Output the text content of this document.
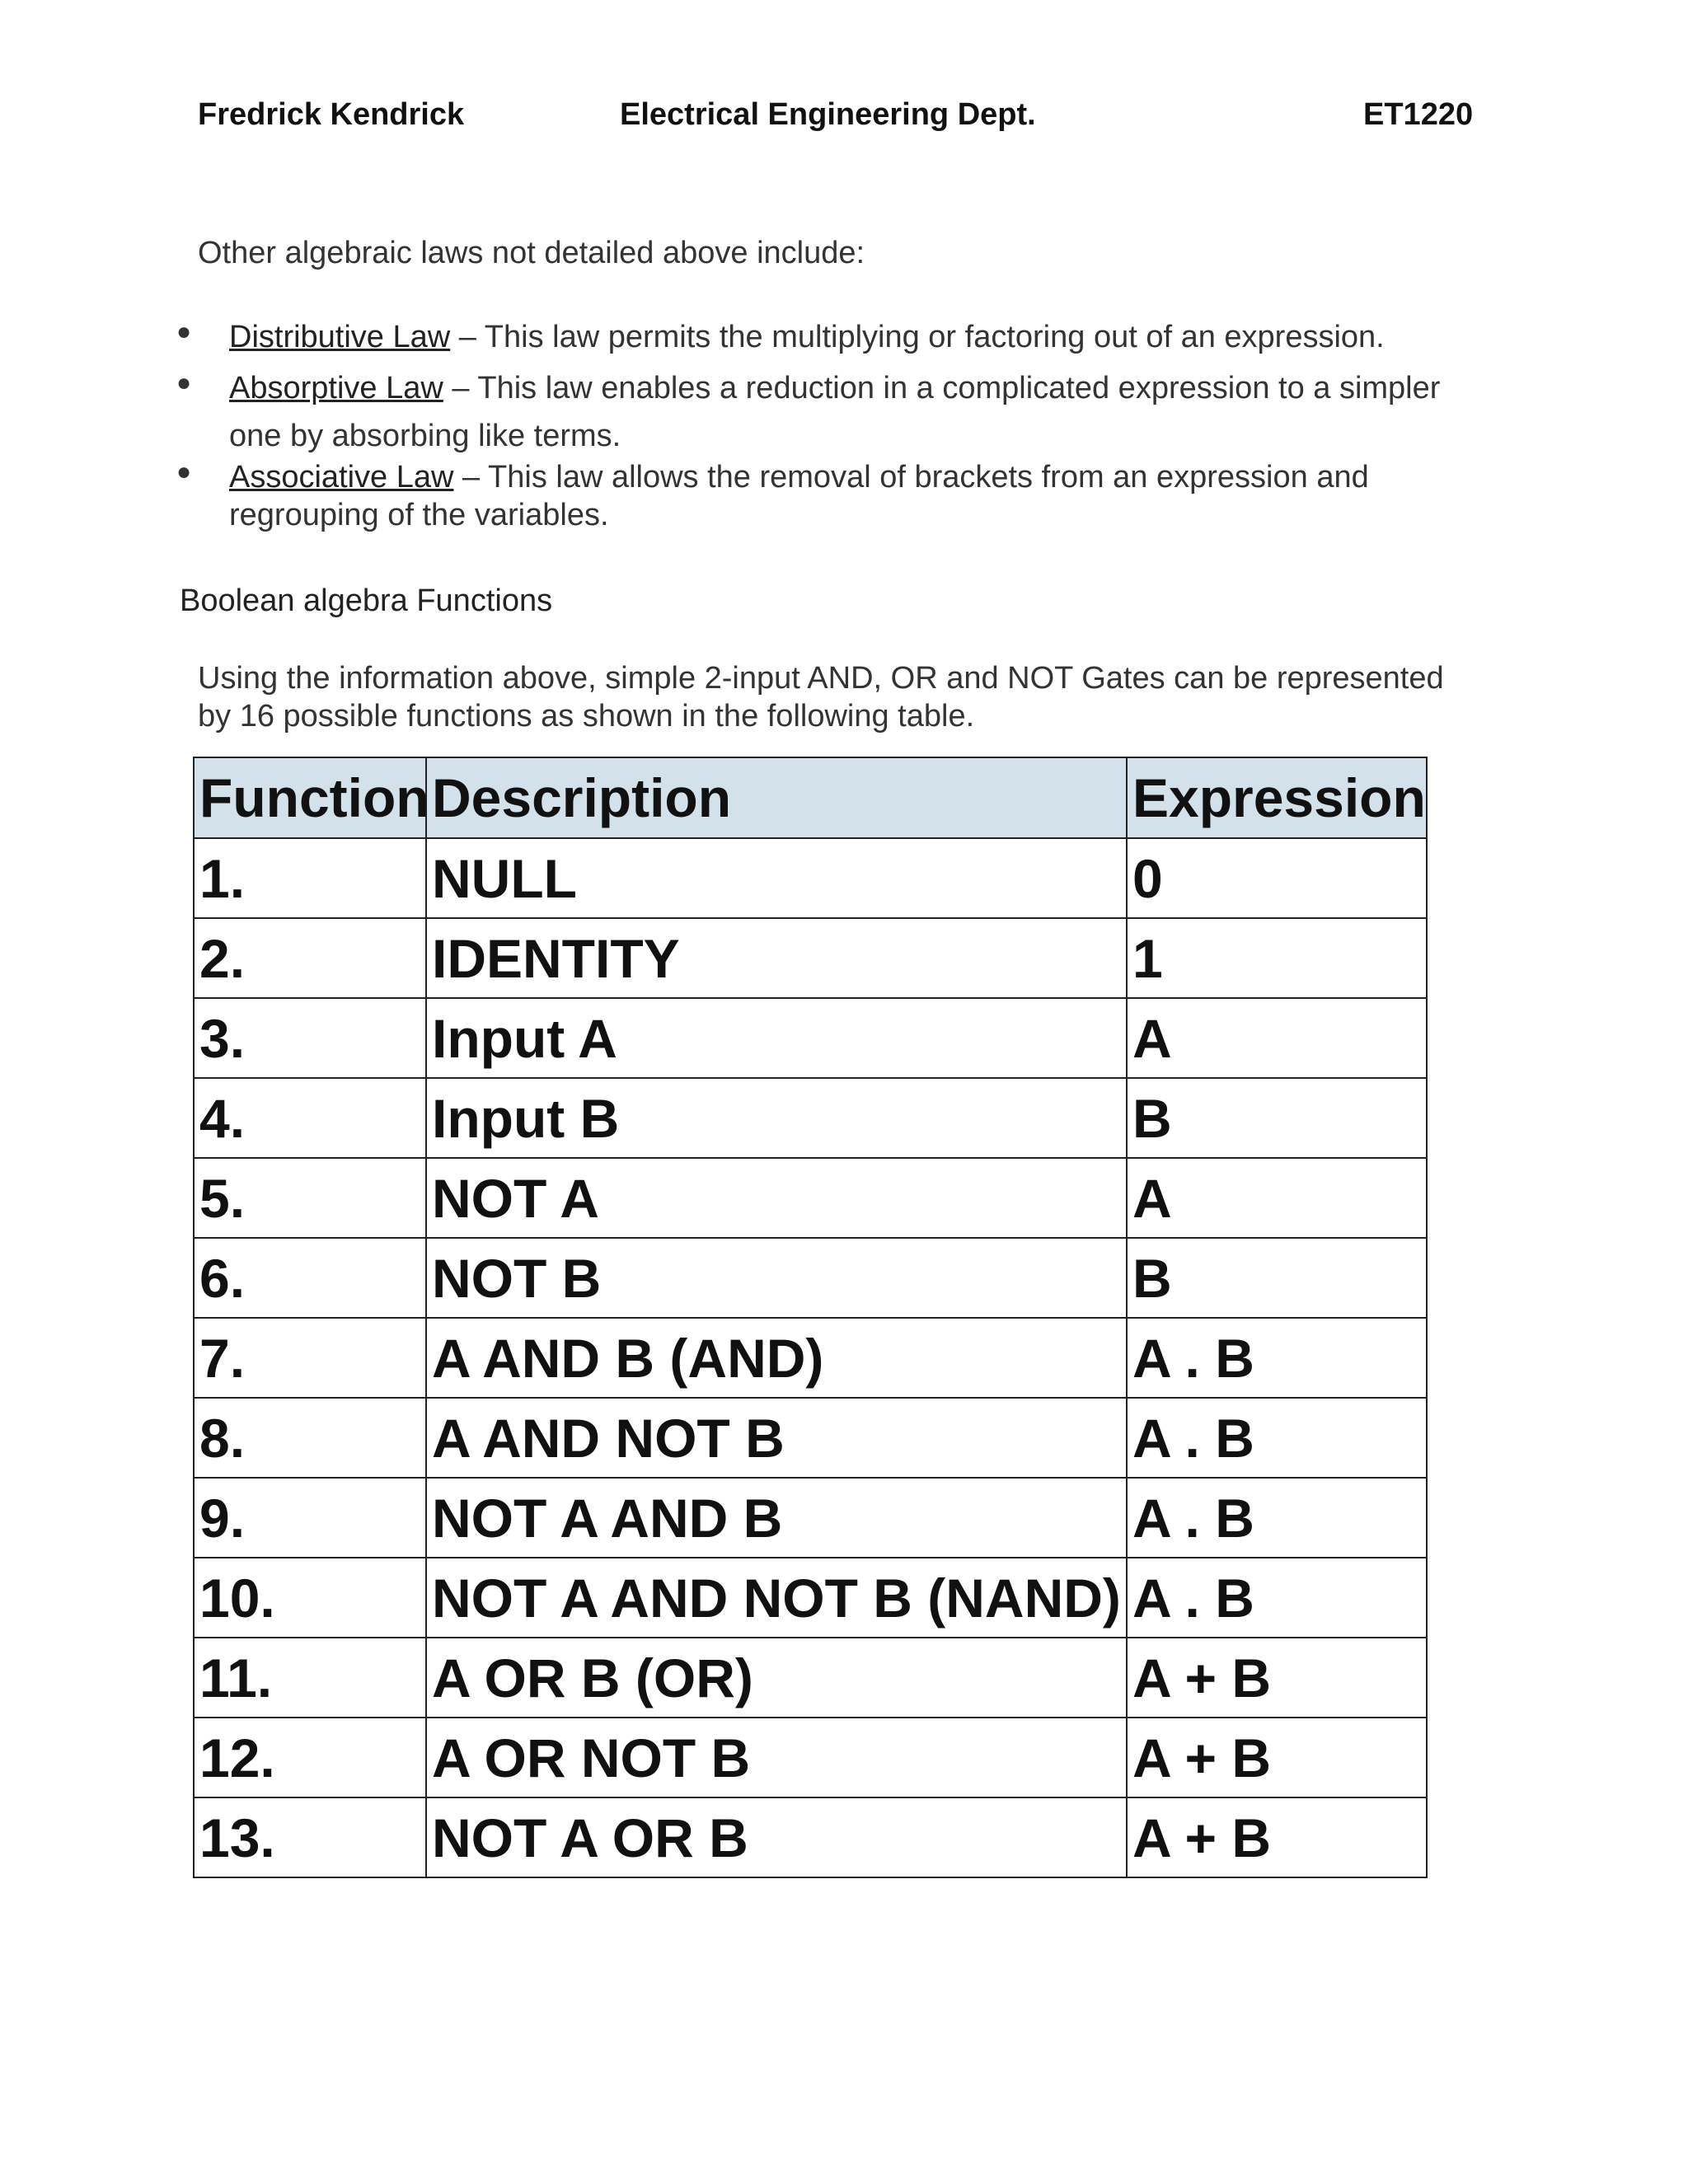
Fredrick Kendrick	Electrical Engineering Dept.	ET1220
Other algebraic laws not detailed above include:
● Distributive Law – This law permits the multiplying or factoring out of an expression.
● Absorptive Law – This law enables a reduction in a complicated expression to a simpler one by absorbing like terms.
● Associative Law – This law allows the removal of brackets from an expression and regrouping of the variables.
Boolean algebra Functions
Using the information above, simple 2-input AND, OR and NOT Gates can be represented by 16 possible functions as shown in the following table.
Function	Description	Expression
1.	NULL	0
2.	IDENTITY	1
3.	Input A	A
4.	Input B	B
5.	NOT A	A
6.	NOT B	B
7.	A AND B (AND)	A . B
8.	A AND NOT B	A . B
9.	NOT A AND B	A . B
10.	NOT A AND NOT B (NAND)	A . B
11.	A OR B (OR)	A + B
12.	A OR NOT B	A + B
13.	NOT A OR B	A + B
